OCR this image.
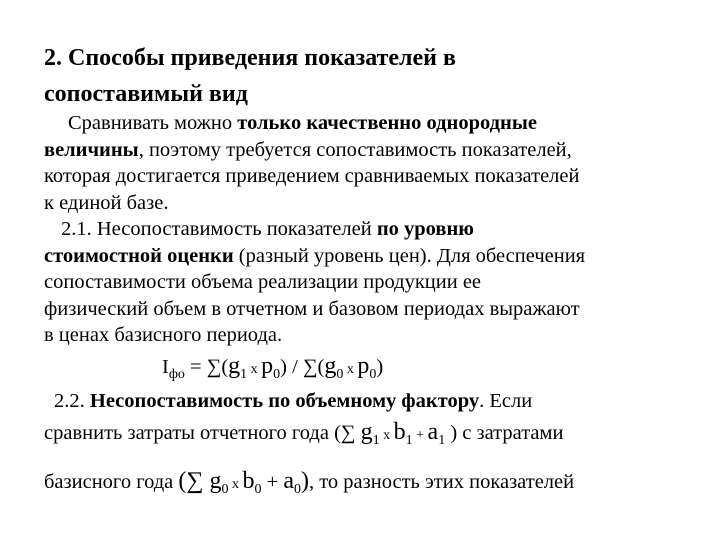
2. Способы приведения показателей в
сопоставимый вид
Сравнивать можно только качественно однородные
величины, поэтому требуется сопоставимость показателей,
которая достигается приведением сравниваемых показателей
к единой базе.
2.1. Несопоставимость показателей по уровню
стоимостной оценки (разный уровень цен). Для обеспечения
сопоставимости объема реализации продукции ее
физический объем в отчетном и базовом периодах выражают
в ценах базисного периода.
$I_{фо} = \sum(g_1$ х $p_0) / \sum(g_0$ х $p_0$)
2.2. Несопоставимость по объемному фактору. Если
сравнить затраты отчетного года (∑ $g_1$ х $b_1 + a_1$ ) с затратами
базисного года (∑ $g_0$ х $b_0 + a_0$), то разность этих показателей
